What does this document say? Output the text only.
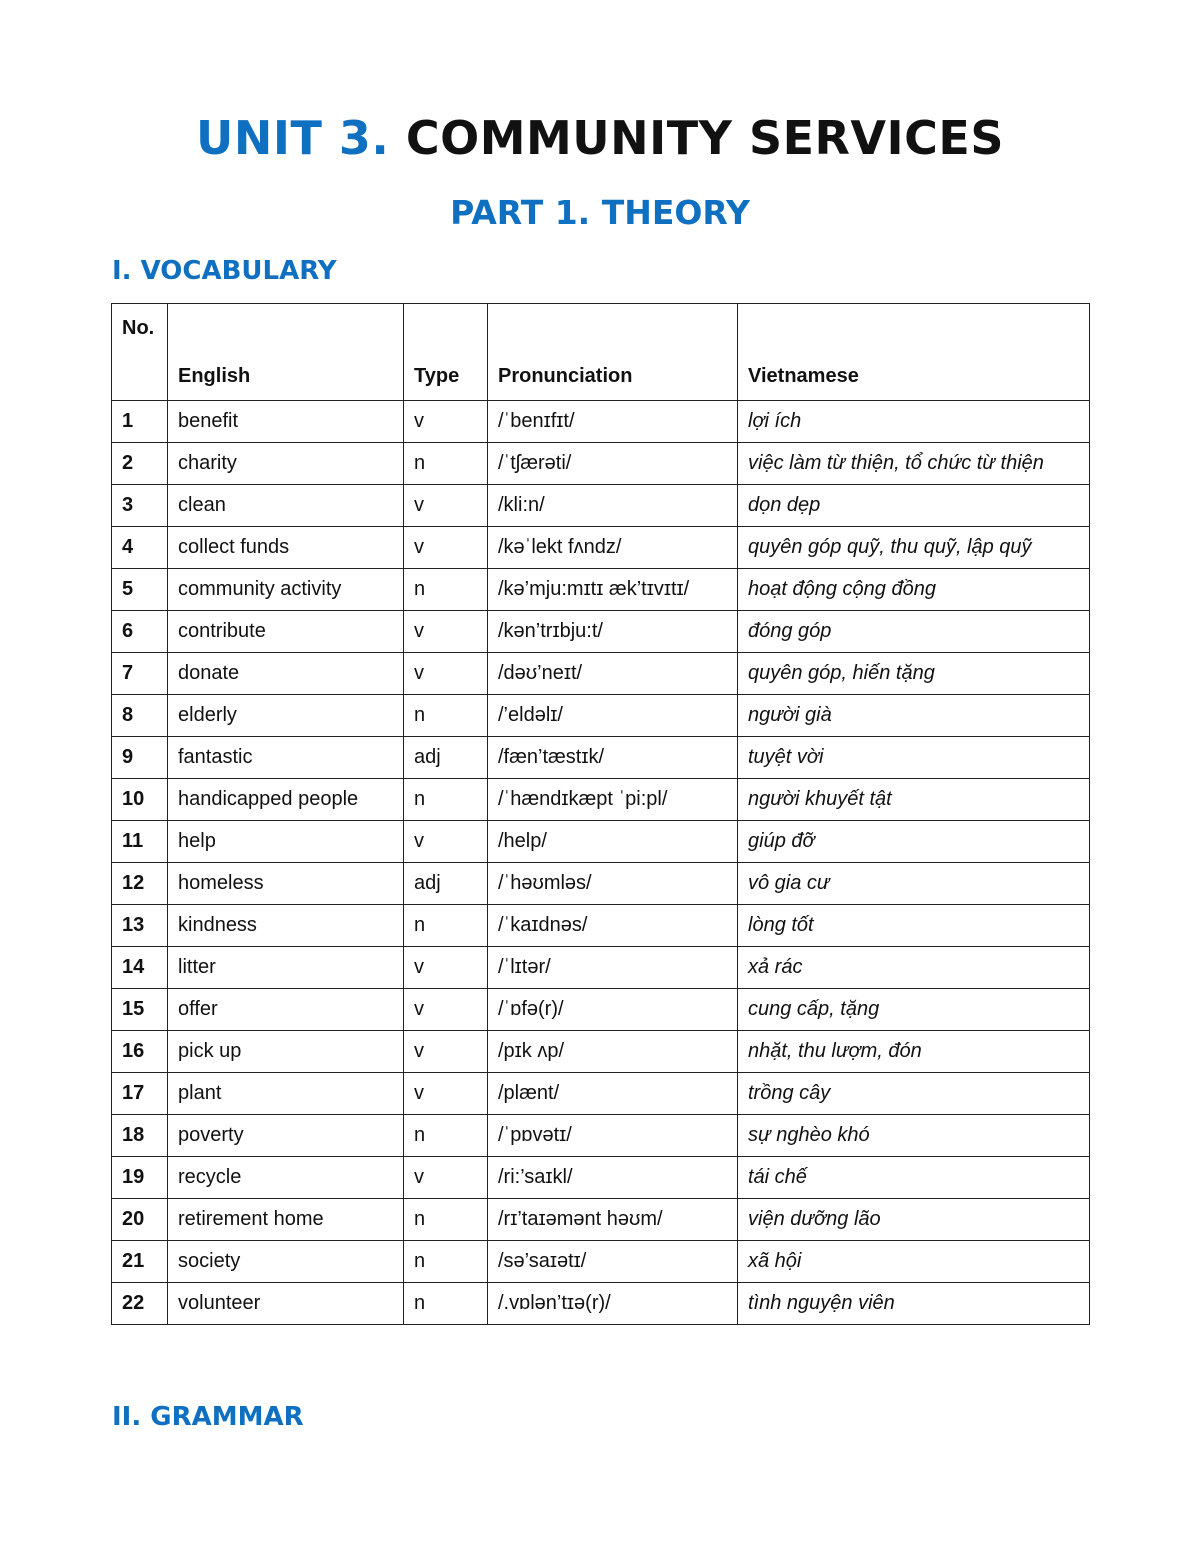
UNIT 3. COMMUNITY SERVICES
PART 1. THEORY
I. VOCABULARY
No.	English	Type	Pronunciation	Vietnamese
1	benefit	v	/ˈbenɪfɪt/	lợi ích
2	charity	n	/ˈtʃærəti/	việc làm từ thiện, tổ chức từ thiện
3	clean	v	/kli:n/	dọn dẹp
4	collect funds	v	/kəˈlekt fʌndz/	quyên góp quỹ, thu quỹ, lập quỹ
5	community activity	n	/kə’mju:mɪtɪ æk’tɪvɪtɪ/	hoạt động cộng đồng
6	contribute	v	/kən’trɪbju:t/	đóng góp
7	donate	v	/dəʊ’neɪt/	quyên góp, hiến tặng
8	elderly	n	/’eldəlɪ/	người già
9	fantastic	adj	/fæn’tæstɪk/	tuyệt vời
10	handicapped people	n	/ˈhændɪkæpt ˈpi:pl/	người khuyết tật
11	help	v	/help/	giúp đỡ
12	homeless	adj	/ˈhəʊmləs/	vô gia cư
13	kindness	n	/ˈkaɪdnəs/	lòng tốt
14	litter	v	/ˈlɪtər/	xả rác
15	offer	v	/ˈɒfə(r)/	cung cấp, tặng
16	pick up	v	/pɪk ʌp/	nhặt, thu lượm, đón
17	plant	v	/plænt/	trồng cây
18	poverty	n	/ˈpɒvətɪ/	sự nghèo khó
19	recycle	v	/ri:’saɪkl/	tái chế
20	retirement home	n	/rɪ’taɪəmənt həʊm/	viện dưỡng lão
21	society	n	/sə’saɪətɪ/	xã hội
22	volunteer	n	/.vɒlən’tɪə(r)/	tình nguyện viên
II. GRAMMAR
